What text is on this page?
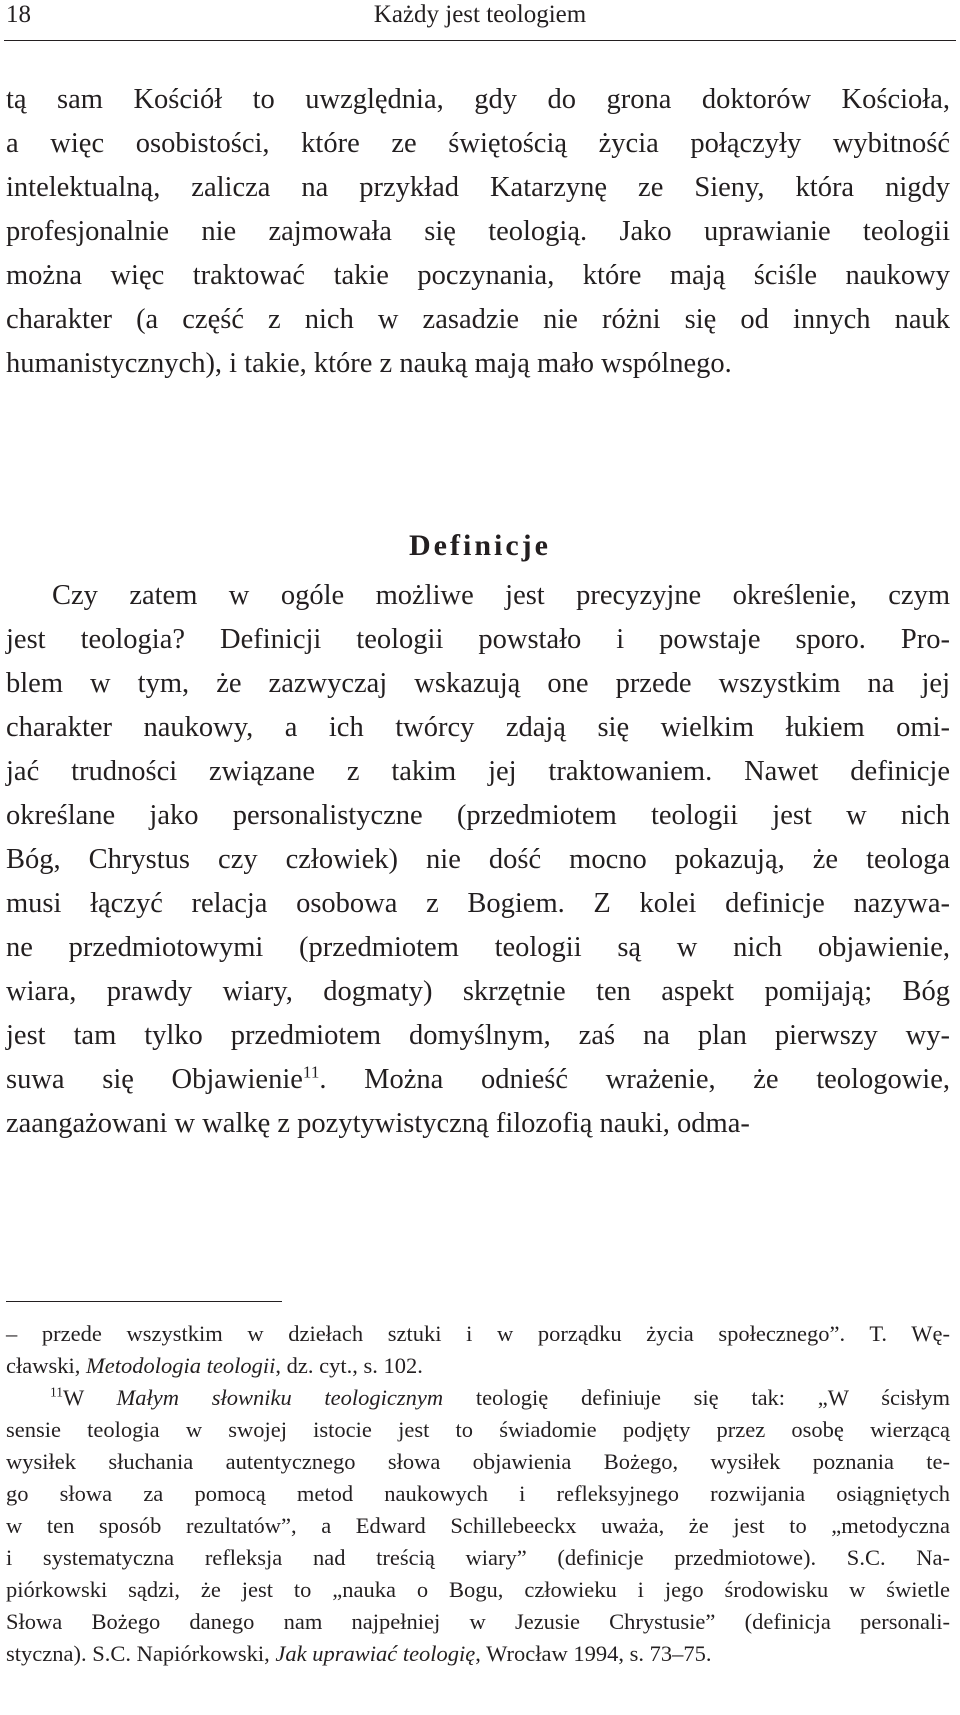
18	Każdy jest teologiem
tą sam Kościół to uwzględnia, gdy do grona doktorów Kościoła,
a więc osobistości, które ze świętością życia połączyły wybitność
intelektualną, zalicza na przykład Katarzynę ze Sieny, która nigdy
profesjonalnie nie zajmowała się teologią. Jako uprawianie teologii
można więc traktować takie poczynania, które mają ściśle naukowy
charakter (a część z nich w zasadzie nie różni się od innych nauk
humanistycznych), i takie, które z nauką mają mało wspólnego.
Definicje
Czy zatem w ogóle możliwe jest precyzyjne określenie, czym
jest teologia? Definicji teologii powstało i powstaje sporo. Pro-
blem w tym, że zazwyczaj wskazują one przede wszystkim na jej
charakter naukowy, a ich twórcy zdają się wielkim łukiem omi-
jać trudności związane z takim jej traktowaniem. Nawet definicje
określane jako personalistyczne (przedmiotem teologii jest w nich
Bóg, Chrystus czy człowiek) nie dość mocno pokazują, że teologa
musi łączyć relacja osobowa z Bogiem. Z kolei definicje nazywa-
ne przedmiotowymi (przedmiotem teologii są w nich objawienie,
wiara, prawdy wiary, dogmaty) skrzętnie ten aspekt pomijają; Bóg
jest tam tylko przedmiotem domyślnym, zaś na plan pierwszy wy-
suwa się Objawienie$^{11}$. Można odnieść wrażenie, że teologowie,
zaangażowani w walkę z pozytywistyczną filozofią nauki, odma-
– przede wszystkim w dziełach sztuki i w porządku życia społecznego”. T. Wę-
cławski, Metodologia teologii, dz. cyt., s. 102.
$^{11}$W Małym słowniku teologicznym teologię definiuje się tak: „W ścisłym
sensie teologia w swojej istocie jest to świadomie podjęty przez osobę wierzącą
wysiłek słuchania autentycznego słowa objawienia Bożego, wysiłek poznania te-
go słowa za pomocą metod naukowych i refleksyjnego rozwijania osiągniętych
w ten sposób rezultatów”, a Edward Schillebeeckx uważa, że jest to „metodyczna
i systematyczna refleksja nad treścią wiary” (definicje przedmiotowe). S.C. Na-
piórkowski sądzi, że jest to „nauka o Bogu, człowieku i jego środowisku w świetle
Słowa Bożego danego nam najpełniej w Jezusie Chrystusie” (definicja personali-
styczna). S.C. Napiórkowski, Jak uprawiać teologię, Wrocław 1994, s. 73–75.
